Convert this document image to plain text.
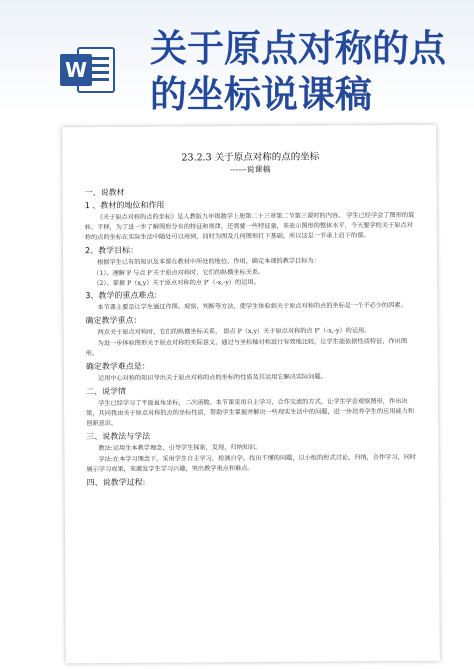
W 关于原点对称的点
的坐标说课稿
23.2.3 关于原点对称的点的坐标
------说课稿
一、说教材
1 、教材的地位和作用
《关于原点对称的点的坐标》是人教版九年级数学上册第二十三章第二节第三课时的内容。 学生已经学会了图形的旋转、平移，为了进一步了解图形分布的特征和规律，还需要一些特征量，来表示图形的整体水平，今天要学的关于原点对称的点的坐标在实际生活中随处可以用到，同时为图及几何图形打下基础，所以这是一节承上启下的课。
2、教学目标：
根据学生已有的知识及本课在教材中所处的地位、作用，确定本课的教学目标为：
（1）、理解 P 与点 P′关于原点对称时，它们的纵横坐标关系。
（2）、掌握 P（x,y）关于原点对称的点 P′（-x,-y）的运用。
3、教学的重点难点:
本节课主要是让学生通过作图、观察、判断等方法，使学生体验到关于原点对称的点的坐标是一个不必少的因素。
确定教学重点：
两点关于原点对称时，它们的纵横坐标关系， 即点 P（x,y）关于原点对称的点 P′（-x,-y）的运用。
为进一步体验图形关于原点对称的实际意义，通过与坐标轴对称进行有效地比较，让学生能依据性质特征，作出图形。
确定教学难点是：
运用中心对称的知识导出关于原点对称的点的坐标的性质及其运用它解决实际问题。
二、说学情
学生已经学习了平面直角坐标，二次函数。本节课采用自主学习，合作交流的方式，让学生学会观察图形，作出决策，其同我由关于原点对称的点的坐标性质，帮助学生掌握并解决一些现实生活中的问题，进一步培养学生的应用能力和创新意识。
三、说教法与学法
教法:运用生本教学理念，引导学生探索，发现，归纳知识。
学法:在本学习理念下，采用学生自主学习，检测自学，找出不懂的问题，以小组的形式讨论、归纳，合作学习，同时展示学习成果，来激发学生学习兴趣，突出教学重点和难点。
四、说教学过程:
